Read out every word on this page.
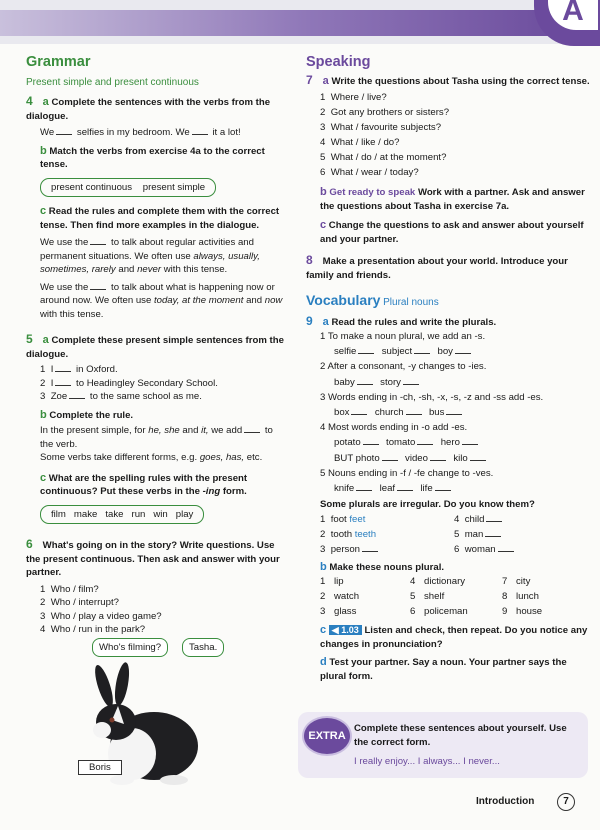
A
Grammar
Present simple and present continuous
4 a Complete the sentences with the verbs from the dialogue.
We selfies in my bedroom. We it a lot!
b Match the verbs from exercise 4a to the correct tense.
present continuous present simple
c Read the rules and complete them with the correct tense. Then find more examples in the dialogue.
We use the to talk about regular activities and permanent situations. We often use always, usually, sometimes, rarely and never with this tense.
We use the to talk about what is happening now or around now. We often use today, at the moment and now with this tense.
5 a Complete these present simple sentences from the dialogue.
1 I in Oxford.
2 I to Headingley Secondary School.
3 Zoe to the same school as me.
b Complete the rule.
In the present simple, for he, she and it, we add to the verb.
Some verbs take different forms, e.g. goes, has, etc.
c What are the spelling rules with the present continuous? Put these verbs in the -ing form.
film   make   take   run   win   play
6 What's going on in the story? Write questions. Use the present continuous. Then ask and answer with your partner.
1 Who / film?
2 Who / interrupt?
3 Who / play a video game?
4 Who / run in the park?
Who's filming?	Tasha.
Boris
Speaking
7 a Write the questions about Tasha using the correct tense.
1 Where / live?
2 Got any brothers or sisters?
3 What / favourite subjects?
4 What / like / do?
5 What / do / at the moment?
6 What / wear / today?
b Get ready to speak Work with a partner. Ask and answer the questions about Tasha in exercise 7a.
c Change the questions to ask and answer about yourself and your partner.
8 Make a presentation about your world. Introduce your family and friends.
Vocabulary Plural nouns
9 a Read the rules and write the plurals.
1 To make a noun plural, we add an -s.
selfie	subject	boy
2 After a consonant, -y changes to -ies.
baby	story
3 Words ending in -ch, -sh, -x, -s, -z and -ss add -es.
box	church	bus
4 Most words ending in -o add -es.
potato	tomato	hero
BUT photo	video	kilo
5 Nouns ending in -f / -fe change to -ves.
knife	leaf	life
Some plurals are irregular. Do you know them?
1 foot feet	4 child
2 tooth teeth	5 man
3 person	6 woman
b Make these nouns plural.
1 lip	4 dictionary	7 city
2 watch	5 shelf	8 lunch
3 glass	6 policeman	9 house
c ◀ 1.03 Listen and check, then repeat. Do you notice any changes in pronunciation?
d Test your partner. Say a noun. Your partner says the plural form.
EXTRA
Complete these sentences about yourself. Use the correct form.
I really enjoy... I always... I never...
Introduction	7
